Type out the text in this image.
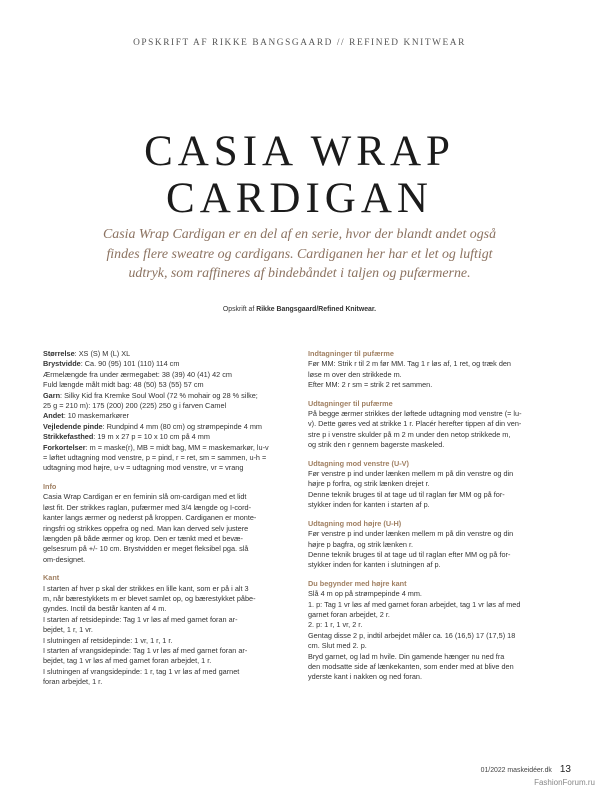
OPSKRIFT AF RIKKE BANGSGAARD // REFINED KNITWEAR
CASIA WRAP
CARDIGAN
Casia Wrap Cardigan er en del af en serie, hvor der blandt andet også
findes flere sweatre og cardigans. Cardiganen her har et let og luftigt
udtryk, som raffineres af bindebåndet i taljen og pufærmerne.
Opskrift af Rikke Bangsgaard/Refined Knitwear.
Størrelse: XS (S) M (L) XL
Brystvidde: Ca. 90 (95) 101 (110) 114 cm
Ærmelængde fra under ærmegabet: 38 (39) 40 (41) 42 cm
Fuld længde målt midt bag: 48 (50) 53 (55) 57 cm
Garn: Silky Kid fra Kremke Soul Wool (72 % mohair og 28 % silke;
25 g = 210 m): 175 (200) 200 (225) 250 g i farven Camel
Andet: 10 maskemarkører
Vejledende pinde: Rundpind 4 mm (80 cm) og strømpepinde 4 mm
Strikkefasthed: 19 m x 27 p = 10 x 10 cm på 4 mm
Forkortelser: m = maske(r), MB = midt bag, MM = maskemarkør, lu-v
= løftet udtagning mod venstre, p = pind, r = ret, sm = sammen, u-h =
udtagning mod højre, u-v = udtagning mod venstre, vr = vrang
Info
Casia Wrap Cardigan er en feminin slå om-cardigan med et lidt
løst fit. Der strikkes raglan, pufærmer med 3/4 længde og I-cord-
kanter langs ærmer og nederst på kroppen. Cardiganen er monte-
ringsfri og strikkes oppefra og ned. Man kan derved selv justere
længden på både ærmer og krop. Den er tænkt med et bevæ-
gelsesrum på +/- 10 cm. Brystvidden er meget fleksibel pga. slå
om-designet.
Kant
I starten af hver p skal der strikkes en lille kant, som er på i alt 3
m, når bærestykkets m er blevet samlet op, og bærestykket påbe-
gyndes. Inctil da består kanten af 4 m.
I starten af retsidepinde: Tag 1 vr løs af med garnet foran ar-
bejdet, 1 r, 1 vr.
I slutningen af retsidepinde: 1 vr, 1 r, 1 r.
I starten af vrangsidepinde: Tag 1 vr løs af med garnet foran ar-
bejdet, tag 1 vr løs af med garnet foran arbejdet, 1 r.
I slutningen af vrangsidepinde: 1 r, tag 1 vr løs af med garnet
foran arbejdet, 1 r.
Indtagninger til pufærme
Før MM: Strik r til 2 m før MM. Tag 1 r løs af, 1 ret, og træk den
løse m over den strikkede m.
Efter MM: 2 r sm = strik 2 ret sammen.
Udtagninger til pufærme
På begge ærmer strikkes der løftede udtagning mod venstre (= lu-
v). Dette gøres ved at strikke 1 r. Placér herefter tippen af din ven-
stre p i venstre skulder på m 2 m under den netop strikkede m,
og strik den r gennem bagerste maskeled.
Udtagning mod venstre (U-V)
Før venstre p ind under lænken mellem m på din venstre og din
højre p forfra, og strik lænken drejet r.
Denne teknik bruges til at tage ud til raglan før MM og på for-
stykker inden for kanten i starten af p.
Udtagning mod højre (U-H)
Før venstre p ind under lænken mellem m på din venstre og din
højre p bagfra, og strik lænken r.
Denne teknik bruges til at tage ud til raglan efter MM og på for-
stykker inden for kanten i slutningen af p.
Du begynder med højre kant
Slå 4 m op på strømpepinde 4 mm.
1. p: Tag 1 vr løs af med garnet foran arbejdet, tag 1 vr løs af med
garnet foran arbejdet, 2 r.
2. p: 1 r, 1 vr, 2 r.
Gentag disse 2 p, indtil arbejdet måler ca. 16 (16,5) 17 (17,5) 18
cm. Slut med 2. p.
Bryd garnet, og lad m hvile. Din gamende hænger nu ned fra
den modsatte side af lænkekanten, som ender med at blive den
yderste kant i nakken og ned foran.
01/2022 maskeidéer.dk 13
FashionForum.ru
